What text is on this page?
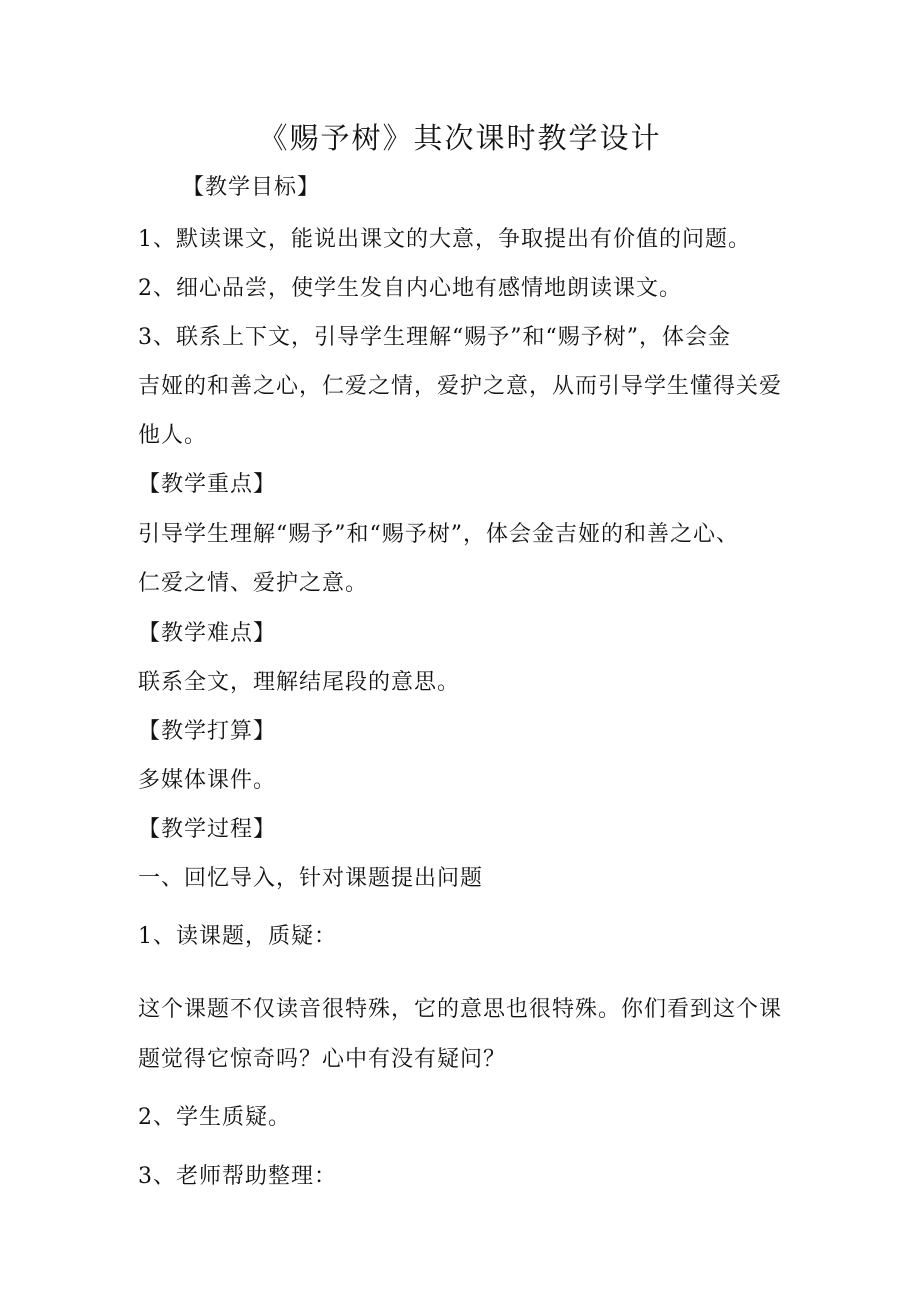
《赐予树》其次课时教学设计
【教学目标】
1、默读课文，能说出课文的大意，争取提出有价值的问题。
2、细心品尝，使学生发自内心地有感情地朗读课文。
3、联系上下文，引导学生理解“赐予”和“赐予树”，体会金
吉娅的和善之心，仁爱之情，爱护之意，从而引导学生懂得关爱
他人。
【教学重点】
引导学生理解“赐予”和“赐予树”，体会金吉娅的和善之心、
仁爱之情、爱护之意。
【教学难点】
联系全文，理解结尾段的意思。
【教学打算】
多媒体课件。
【教学过程】
一、回忆导入，针对课题提出问题
1、读课题，质疑：
这个课题不仅读音很特殊，它的意思也很特殊。你们看到这个课
题觉得它惊奇吗？心中有没有疑问？
2、学生质疑。
3、老师帮助整理：
